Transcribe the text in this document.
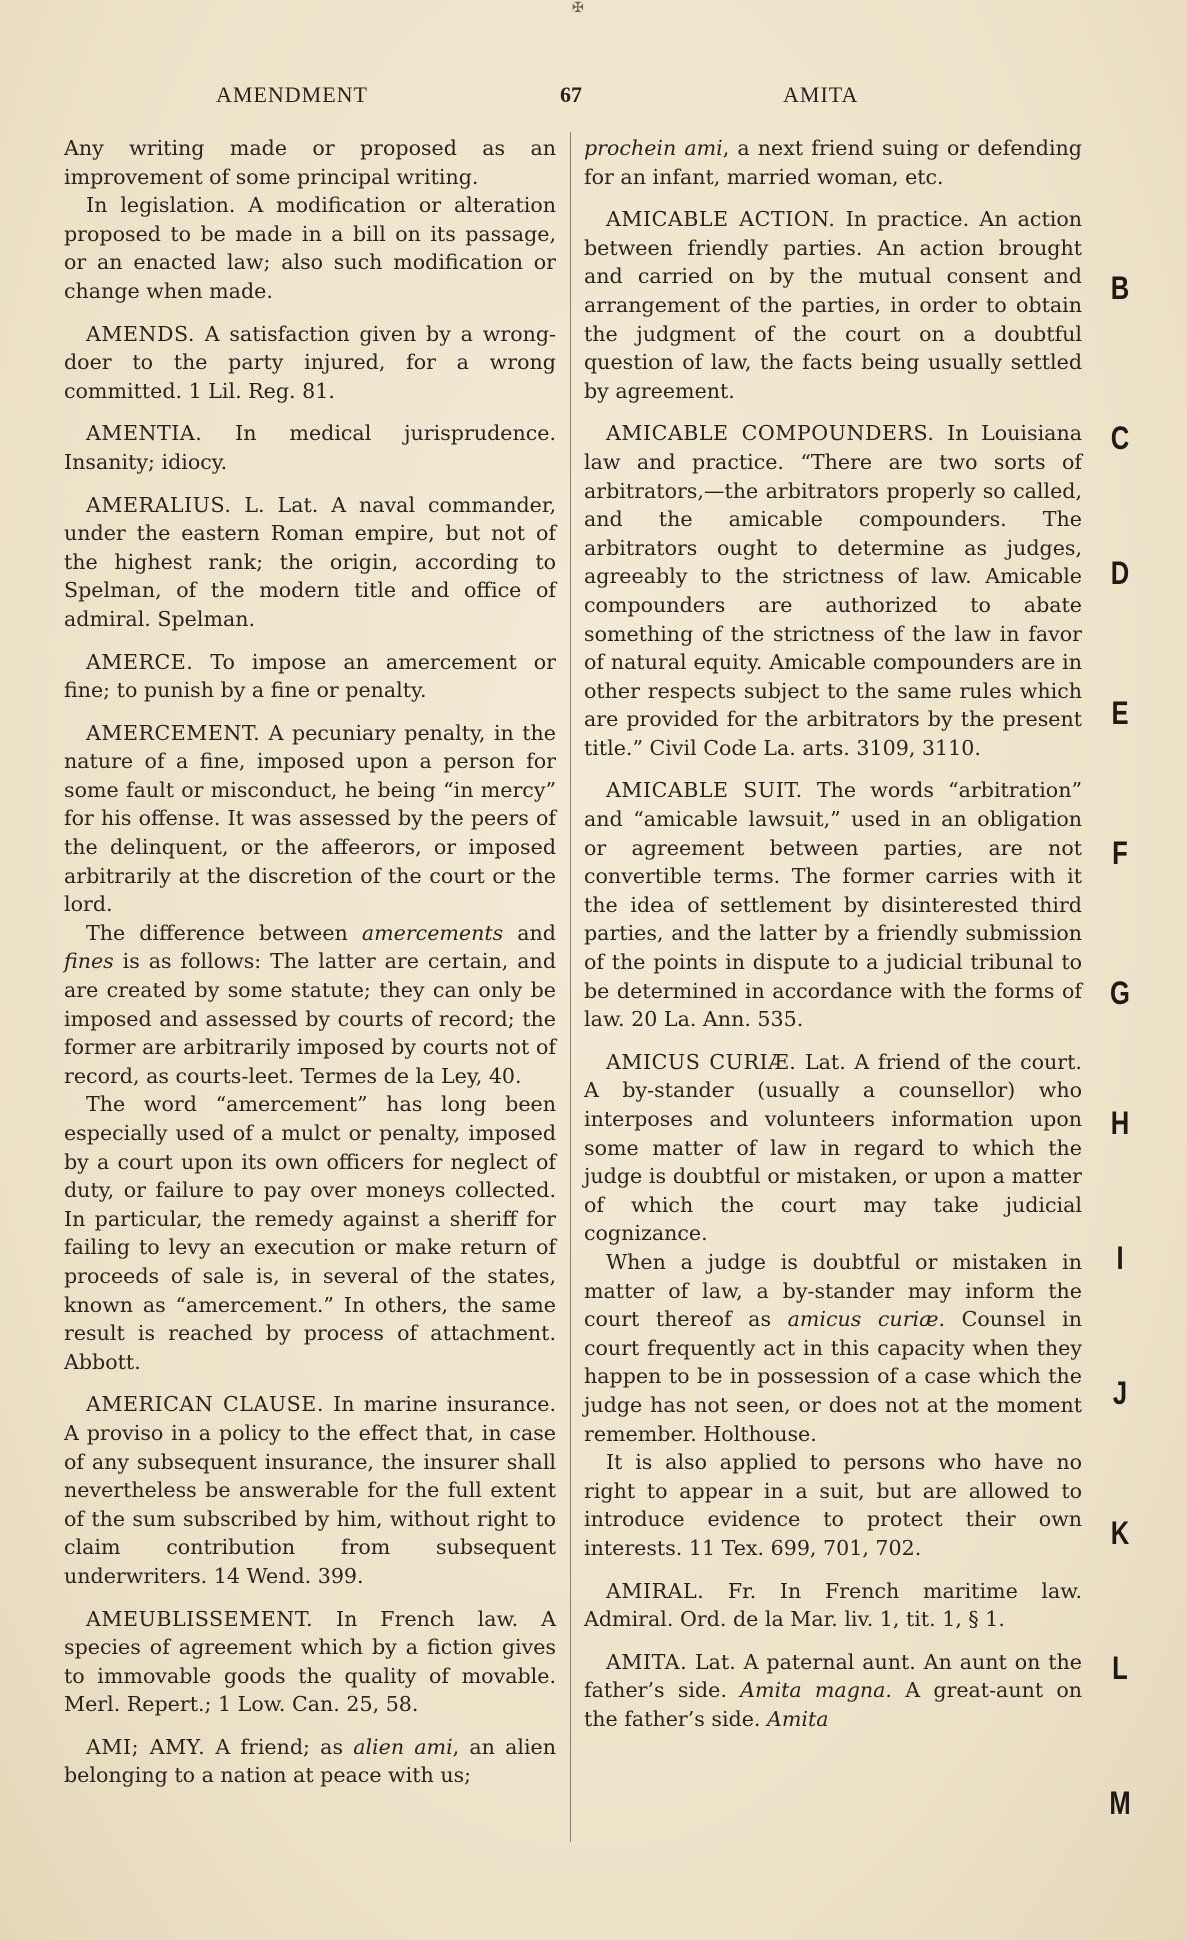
✠
AMENDMENT	67	AMITA

Any writing made or proposed as an improvement of some principal writing.

In legislation. A modification or alteration proposed to be made in a bill on its passage, or an enacted law; also such modification or change when made.

AMENDS. A satisfaction given by a wrong-doer to the party injured, for a wrong committed. 1 Lil. Reg. 81.

AMENTIA. In medical jurisprudence. Insanity; idiocy.

AMERALIUS. L. Lat. A naval commander, under the eastern Roman empire, but not of the highest rank; the origin, according to Spelman, of the modern title and office of admiral. Spelman.

AMERCE. To impose an amercement or fine; to punish by a fine or penalty.

AMERCEMENT. A pecuniary penalty, in the nature of a fine, imposed upon a person for some fault or misconduct, he being “in mercy” for his offense. It was assessed by the peers of the delinquent, or the affeerors, or imposed arbitrarily at the discretion of the court or the lord.

The difference between amercements and fines is as follows: The latter are certain, and are created by some statute; they can only be imposed and assessed by courts of record; the former are arbitrarily imposed by courts not of record, as courts-leet. Termes de la Ley, 40.

The word “amercement” has long been especially used of a mulct or penalty, imposed by a court upon its own officers for neglect of duty, or failure to pay over moneys collected. In particular, the remedy against a sheriff for failing to levy an execution or make return of proceeds of sale is, in several of the states, known as “amercement.” In others, the same result is reached by process of attachment. Abbott.

AMERICAN CLAUSE. In marine insurance. A proviso in a policy to the effect that, in case of any subsequent insurance, the insurer shall nevertheless be answerable for the full extent of the sum subscribed by him, without right to claim contribution from subsequent underwriters. 14 Wend. 399.

AMEUBLISSEMENT. In French law. A species of agreement which by a fiction gives to immovable goods the quality of movable. Merl. Repert.; 1 Low. Can. 25, 58.

AMI; AMY. A friend; as alien ami, an alien belonging to a nation at peace with us;

prochein ami, a next friend suing or defending for an infant, married woman, etc.

AMICABLE ACTION. In practice. An action between friendly parties. An action brought and carried on by the mutual consent and arrangement of the parties, in order to obtain the judgment of the court on a doubtful question of law, the facts being usually settled by agreement.

AMICABLE COMPOUNDERS. In Louisiana law and practice. “There are two sorts of arbitrators,—the arbitrators properly so called, and the amicable compounders. The arbitrators ought to determine as judges, agreeably to the strictness of law. Amicable compounders are authorized to abate something of the strictness of the law in favor of natural equity. Amicable compounders are in other respects subject to the same rules which are provided for the arbitrators by the present title.” Civil Code La. arts. 3109, 3110.

AMICABLE SUIT. The words “arbitration” and “amicable lawsuit,” used in an obligation or agreement between parties, are not convertible terms. The former carries with it the idea of settlement by disinterested third parties, and the latter by a friendly submission of the points in dispute to a judicial tribunal to be determined in accordance with the forms of law. 20 La. Ann. 535.

AMICUS CURIÆ. Lat. A friend of the court. A by-stander (usually a counsellor) who interposes and volunteers information upon some matter of law in regard to which the judge is doubtful or mistaken, or upon a matter of which the court may take judicial cognizance.

When a judge is doubtful or mistaken in matter of law, a by-stander may inform the court thereof as amicus curiæ. Counsel in court frequently act in this capacity when they happen to be in possession of a case which the judge has not seen, or does not at the moment remember. Holthouse.

It is also applied to persons who have no right to appear in a suit, but are allowed to introduce evidence to protect their own interests. 11 Tex. 699, 701, 702.

AMIRAL. Fr. In French maritime law. Admiral. Ord. de la Mar. liv. 1, tit. 1, § 1.

AMITA. Lat. A paternal aunt. An aunt on the father’s side. Amita magna. A great-aunt on the father’s side. Amita

B
C
D
E
F
G
H
I
J
K
L
M
